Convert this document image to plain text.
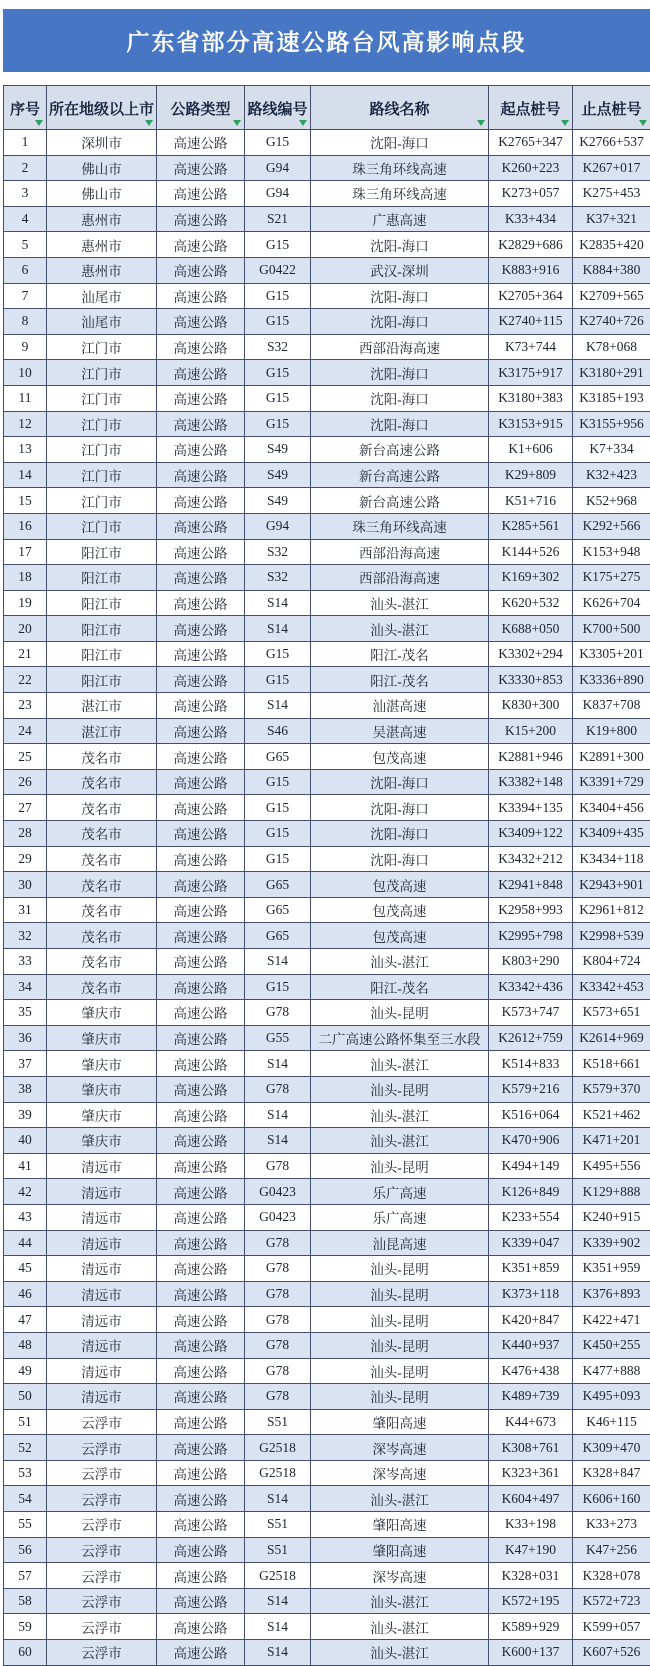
广东省部分高速公路台风高影响点段
序号	所在地级以上市	公路类型	路线编号	路线名称	起点桩号	止点桩号

1	深圳市	高速公路	G15	沈阳-海口	K2765+347	K2766+537
2	佛山市	高速公路	G94	珠三角环线高速	K260+223	K267+017
3	佛山市	高速公路	G94	珠三角环线高速	K273+057	K275+453
4	惠州市	高速公路	S21	广惠高速	K33+434	K37+321
5	惠州市	高速公路	G15	沈阳-海口	K2829+686	K2835+420
6	惠州市	高速公路	G0422	武汉-深圳	K883+916	K884+380
7	汕尾市	高速公路	G15	沈阳-海口	K2705+364	K2709+565
8	汕尾市	高速公路	G15	沈阳-海口	K2740+115	K2740+726
9	江门市	高速公路	S32	西部沿海高速	K73+744	K78+068
10	江门市	高速公路	G15	沈阳-海口	K3175+917	K3180+291
11	江门市	高速公路	G15	沈阳-海口	K3180+383	K3185+193
12	江门市	高速公路	G15	沈阳-海口	K3153+915	K3155+956
13	江门市	高速公路	S49	新台高速公路	K1+606	K7+334
14	江门市	高速公路	S49	新台高速公路	K29+809	K32+423
15	江门市	高速公路	S49	新台高速公路	K51+716	K52+968
16	江门市	高速公路	G94	珠三角环线高速	K285+561	K292+566
17	阳江市	高速公路	S32	西部沿海高速	K144+526	K153+948
18	阳江市	高速公路	S32	西部沿海高速	K169+302	K175+275
19	阳江市	高速公路	S14	汕头-湛江	K620+532	K626+704
20	阳江市	高速公路	S14	汕头-湛江	K688+050	K700+500
21	阳江市	高速公路	G15	阳江-茂名	K3302+294	K3305+201
22	阳江市	高速公路	G15	阳江-茂名	K3330+853	K3336+890
23	湛江市	高速公路	S14	汕湛高速	K830+300	K837+708
24	湛江市	高速公路	S46	吴湛高速	K15+200	K19+800
25	茂名市	高速公路	G65	包茂高速	K2881+946	K2891+300
26	茂名市	高速公路	G15	沈阳-海口	K3382+148	K3391+729
27	茂名市	高速公路	G15	沈阳-海口	K3394+135	K3404+456
28	茂名市	高速公路	G15	沈阳-海口	K3409+122	K3409+435
29	茂名市	高速公路	G15	沈阳-海口	K3432+212	K3434+118
30	茂名市	高速公路	G65	包茂高速	K2941+848	K2943+901
31	茂名市	高速公路	G65	包茂高速	K2958+993	K2961+812
32	茂名市	高速公路	G65	包茂高速	K2995+798	K2998+539
33	茂名市	高速公路	S14	汕头-湛江	K803+290	K804+724
34	茂名市	高速公路	G15	阳江-茂名	K3342+436	K3342+453
35	肇庆市	高速公路	G78	汕头-昆明	K573+747	K573+651
36	肇庆市	高速公路	G55	二广高速公路怀集至三水段	K2612+759	K2614+969
37	肇庆市	高速公路	S14	汕头-湛江	K514+833	K518+661
38	肇庆市	高速公路	G78	汕头-昆明	K579+216	K579+370
39	肇庆市	高速公路	S14	汕头-湛江	K516+064	K521+462
40	肇庆市	高速公路	S14	汕头-湛江	K470+906	K471+201
41	清远市	高速公路	G78	汕头-昆明	K494+149	K495+556
42	清远市	高速公路	G0423	乐广高速	K126+849	K129+888
43	清远市	高速公路	G0423	乐广高速	K233+554	K240+915
44	清远市	高速公路	G78	汕昆高速	K339+047	K339+902
45	清远市	高速公路	G78	汕头-昆明	K351+859	K351+959
46	清远市	高速公路	G78	汕头-昆明	K373+118	K376+893
47	清远市	高速公路	G78	汕头-昆明	K420+847	K422+471
48	清远市	高速公路	G78	汕头-昆明	K440+937	K450+255
49	清远市	高速公路	G78	汕头-昆明	K476+438	K477+888
50	清远市	高速公路	G78	汕头-昆明	K489+739	K495+093
51	云浮市	高速公路	S51	肇阳高速	K44+673	K46+115
52	云浮市	高速公路	G2518	深岑高速	K308+761	K309+470
53	云浮市	高速公路	G2518	深岑高速	K323+361	K328+847
54	云浮市	高速公路	S14	汕头-湛江	K604+497	K606+160
55	云浮市	高速公路	S51	肇阳高速	K33+198	K33+273
56	云浮市	高速公路	S51	肇阳高速	K47+190	K47+256
57	云浮市	高速公路	G2518	深岑高速	K328+031	K328+078
58	云浮市	高速公路	S14	汕头-湛江	K572+195	K572+723
59	云浮市	高速公路	S14	汕头-湛江	K589+929	K599+057
60	云浮市	高速公路	S14	汕头-湛江	K600+137	K607+526
